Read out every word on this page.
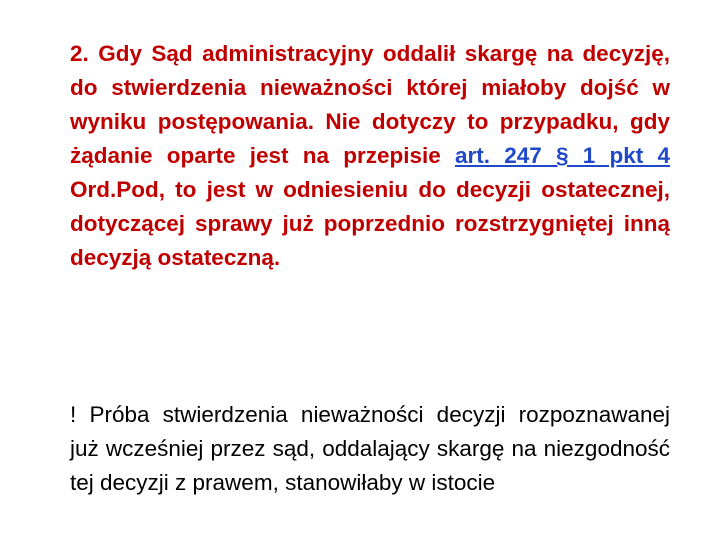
2. Gdy Sąd administracyjny oddalił skargę na decyzję, do stwierdzenia nieważności której miałoby dojść w wyniku postępowania. Nie dotyczy to przypadku, gdy żądanie oparte jest na przepisie art. 247 § 1 pkt 4 Ord.Pod, to jest w odniesieniu do decyzji ostatecznej, dotyczącej sprawy już poprzednio rozstrzygniętej inną decyzją ostateczną.

! Próba stwierdzenia nieważności decyzji rozpoznawanej już wcześniej przez sąd, oddalający skargę na niezgodność tej decyzji z prawem, stanowiłaby w istocie
